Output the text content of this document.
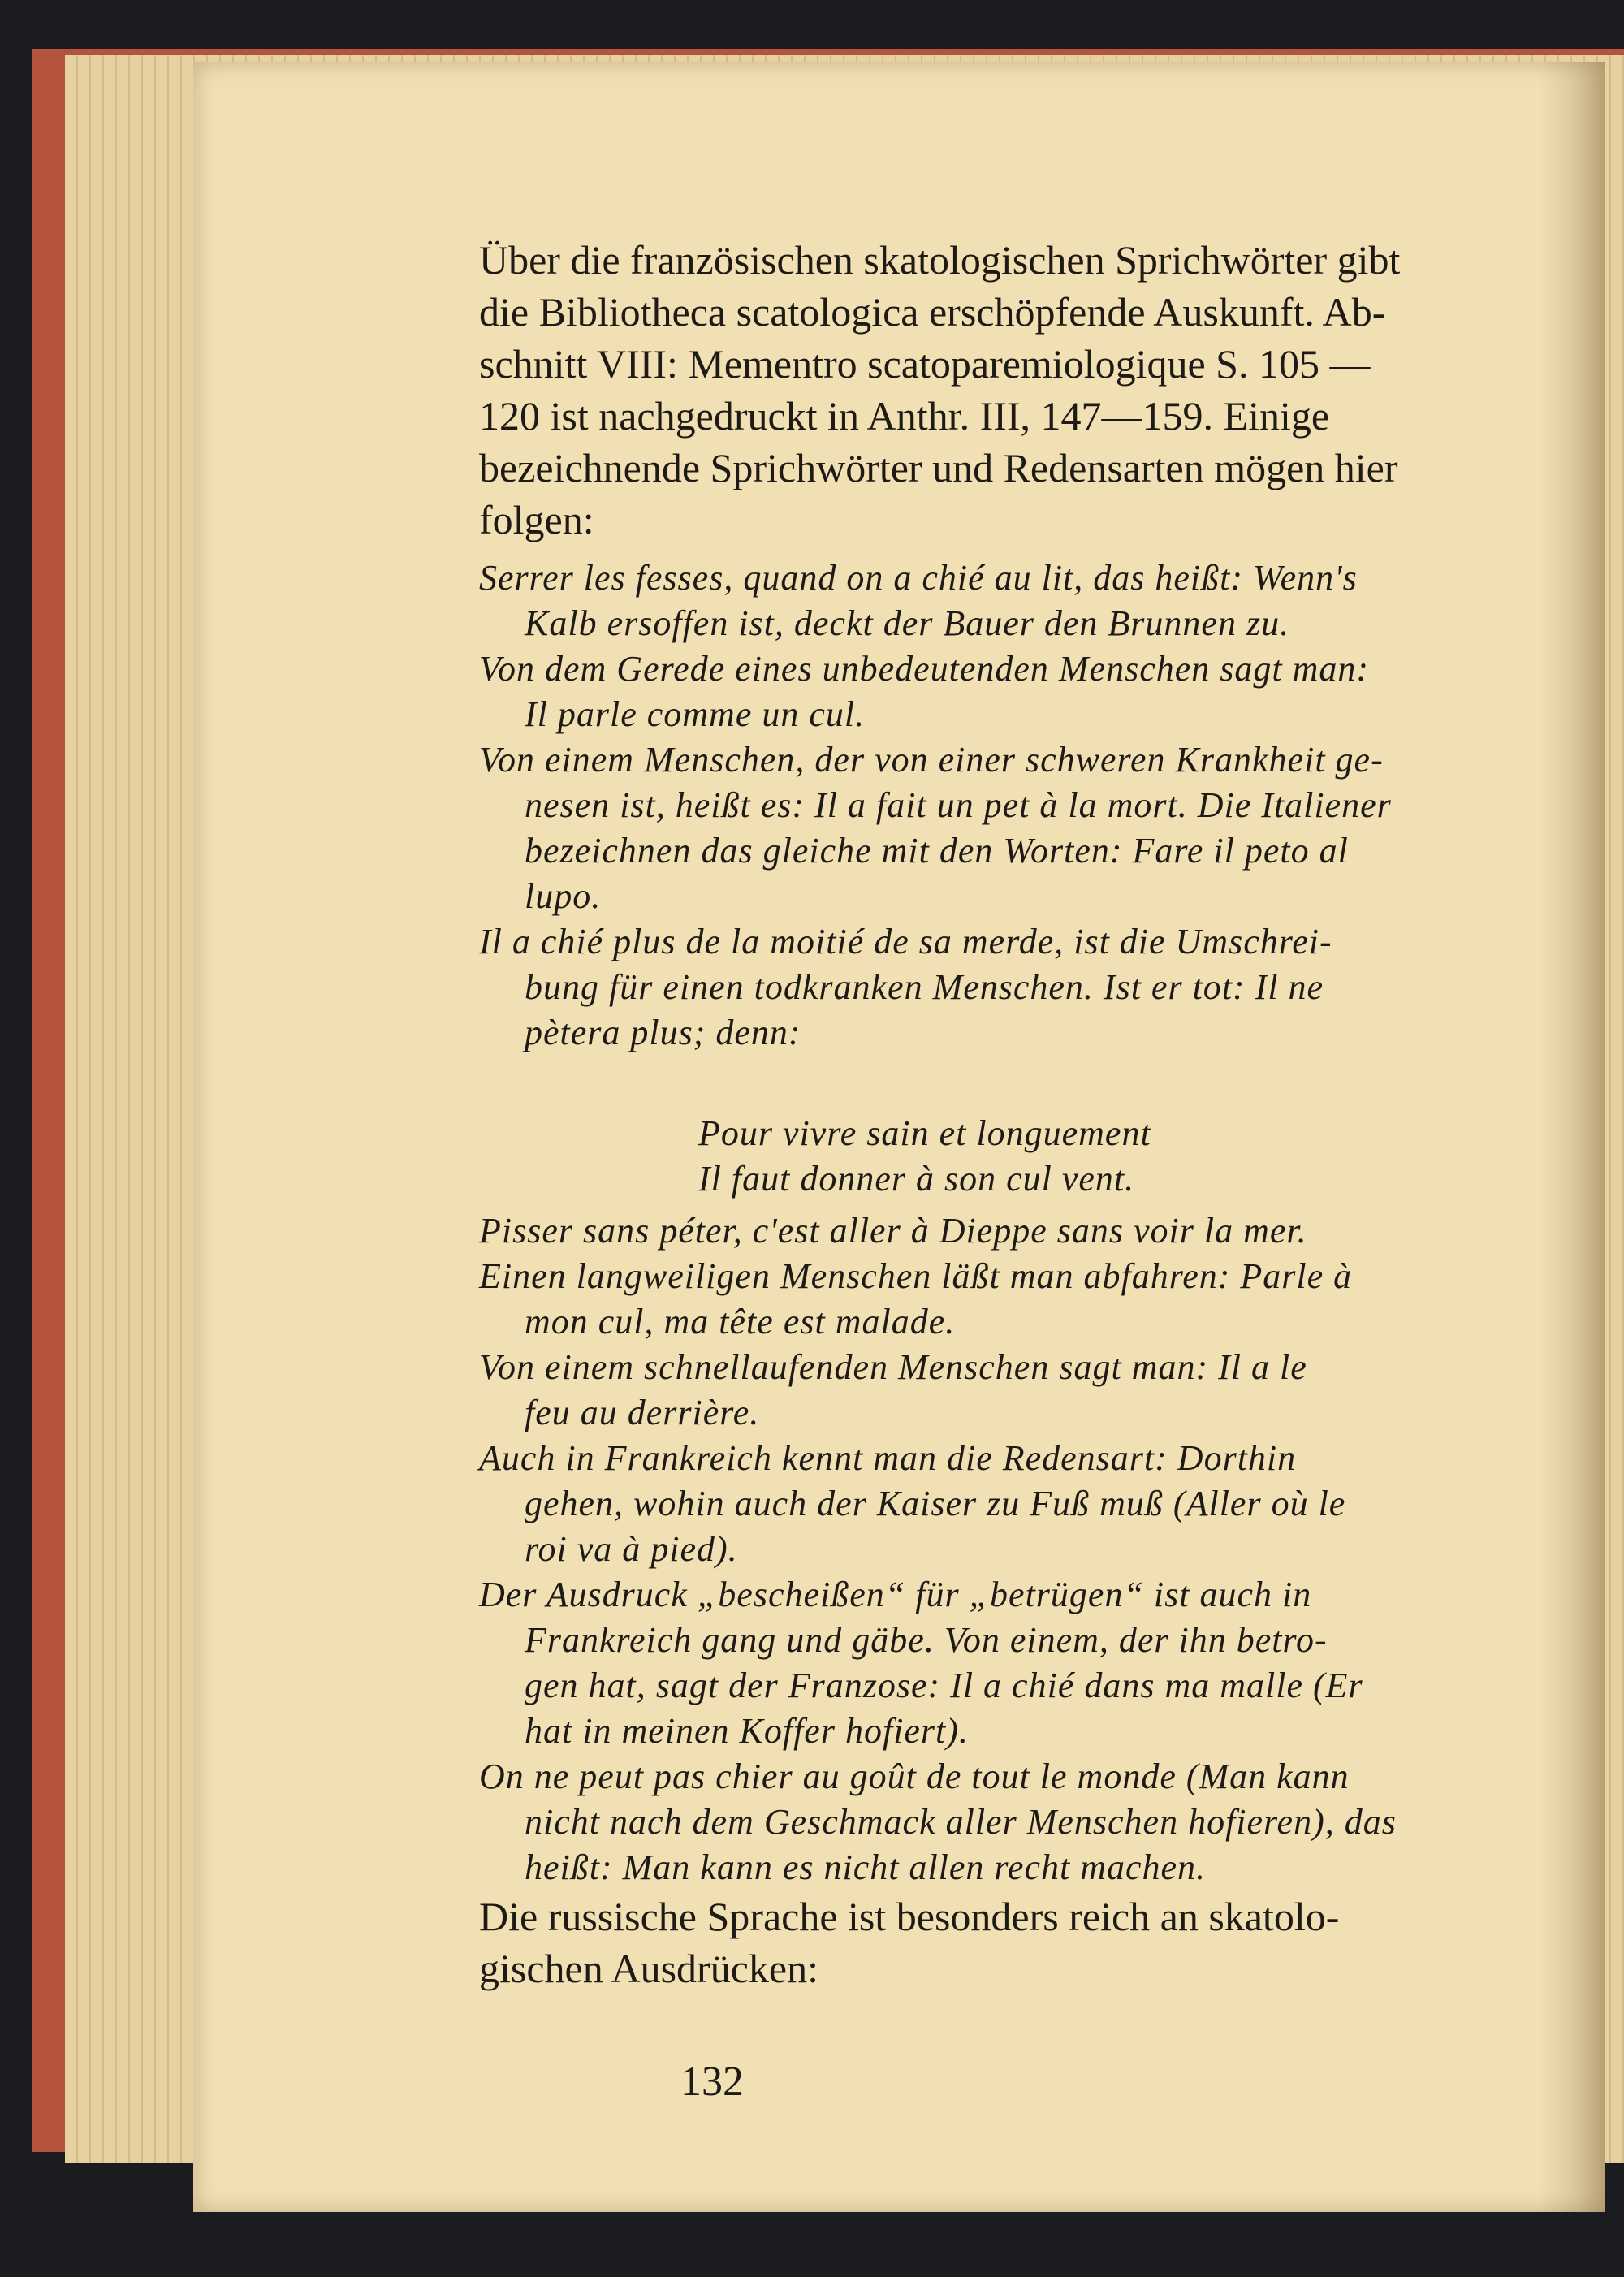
Über die französischen skatologischen Sprichwörter gibt
die Bibliotheca scatologica erschöpfende Auskunft. Ab-
schnitt VIII: Mementro scatoparemiologique S. 105 —
120 ist nachgedruckt in Anthr. III, 147—159. Einige
bezeichnende Sprichwörter und Redensarten mögen hier
folgen:
Serrer les fesses, quand on a chié au lit, das heißt: Wenn's
Kalb ersoffen ist, deckt der Bauer den Brunnen zu.
Von dem Gerede eines unbedeutenden Menschen sagt man:
Il parle comme un cul.
Von einem Menschen, der von einer schweren Krankheit ge-
nesen ist, heißt es: Il a fait un pet à la mort. Die Italiener
bezeichnen das gleiche mit den Worten: Fare il peto al
lupo.
Il a chié plus de la moitié de sa merde, ist die Umschrei-
bung für einen todkranken Menschen. Ist er tot: Il ne
pètera plus; denn:
Pour vivre sain et longuement
Il faut donner à son cul vent.
Pisser sans péter, c'est aller à Dieppe sans voir la mer.
Einen langweiligen Menschen läßt man abfahren: Parle à
mon cul, ma tête est malade.
Von einem schnellaufenden Menschen sagt man: Il a le
feu au derrière.
Auch in Frankreich kennt man die Redensart: Dorthin
gehen, wohin auch der Kaiser zu Fuß muß (Aller où le
roi va à pied).
Der Ausdruck „bescheißen“ für „betrügen“ ist auch in
Frankreich gang und gäbe. Von einem, der ihn betro-
gen hat, sagt der Franzose: Il a chié dans ma malle (Er
hat in meinen Koffer hofiert).
On ne peut pas chier au goût de tout le monde (Man kann
nicht nach dem Geschmack aller Menschen hofieren), das
heißt: Man kann es nicht allen recht machen.
Die russische Sprache ist besonders reich an skatolo-
gischen Ausdrücken:
132
